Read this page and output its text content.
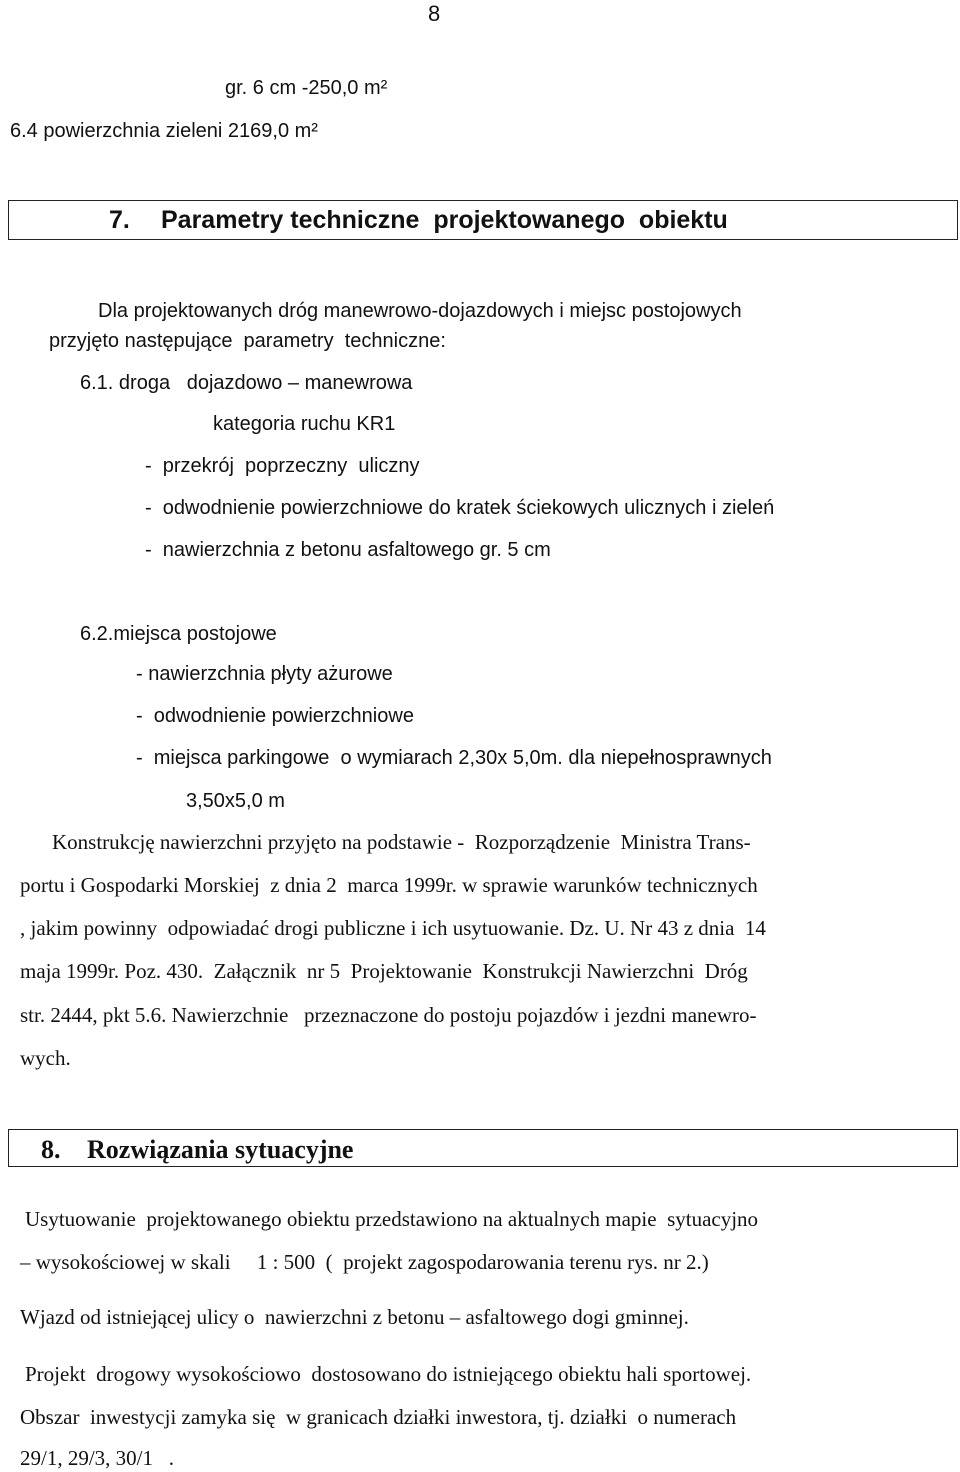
8
gr. 6 cm -250,0 m²
6.4 powierzchnia zieleni 2169,0 m²
7. Parametry techniczne  projektowanego  obiektu
Dla projektowanych dróg manewrowo-dojazdowych i miejsc postojowych
przyjęto następujące  parametry  techniczne:
6.1. droga   dojazdowo – manewrowa
kategoria ruchu KR1
-  przekrój  poprzeczny  uliczny
-  odwodnienie powierzchniowe do kratek ściekowych ulicznych i zieleń
-  nawierzchnia z betonu asfaltowego gr. 5 cm
6.2.miejsca postojowe
- nawierzchnia płyty ażurowe
-  odwodnienie powierzchniowe
-  miejsca parkingowe  o wymiarach 2,30x 5,0m. dla niepełnosprawnych
3,50x5,0 m
Konstrukcję nawierzchni przyjęto na podstawie -  Rozporządzenie  Ministra Trans-
portu i Gospodarki Morskiej  z dnia 2  marca 1999r. w sprawie warunków technicznych
, jakim powinny  odpowiadać drogi publiczne i ich usytuowanie. Dz. U. Nr 43 z dnia  14
maja 1999r. Poz. 430.  Załącznik  nr 5  Projektowanie  Konstrukcji Nawierzchni  Dróg
str. 2444, pkt 5.6. Nawierzchnie   przeznaczone do postoju pojazdów i jezdni manewro-
wych.
8. Rozwiązania sytuacyjne
Usytuowanie  projektowanego obiektu przedstawiono na aktualnych mapie  sytuacyjno
– wysokościowej w skali     1 : 500  (  projekt zagospodarowania terenu rys. nr 2.)
Wjazd od istniejącej ulicy o  nawierzchni z betonu – asfaltowego dogi gminnej.
Projekt  drogowy wysokościowo  dostosowano do istniejącego obiektu hali sportowej.
Obszar  inwestycji zamyka się  w granicach działki inwestora, tj. działki  o numerach
29/1, 29/3, 30/1   .
